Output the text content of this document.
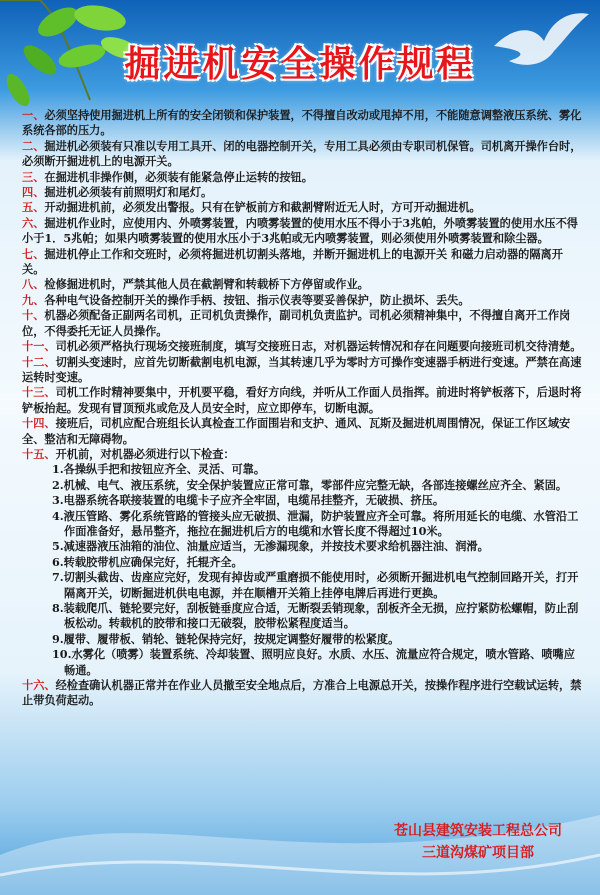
掘进机安全操作规程
一、必须坚持使用掘进机上所有的安全闭锁和保护装置，不得擅自改动或甩掉不用，不能随意调整液压系统、雾化系统各部的压力。
二、掘进机必须装有只准以专用工具开、闭的电器控制开关，专用工具必须由专职司机保管。司机离开操作台时，必须断开掘进机上的电源开关。
三、在掘进机非操作侧，必须装有能紧急停止运转的按钮。
四、掘进机必须装有前照明灯和尾灯。
五、开动掘进机前，必须发出警报。只有在铲板前方和截割臂附近无人时，方可开动掘进机。
六、掘进机作业时，应使用内、外喷雾装置，内喷雾装置的使用水压不得小于3兆帕，外喷雾装置的使用水压不得小于1．5兆帕；如果内喷雾装置的使用水压小于3兆帕或无内喷雾装置，则必须使用外喷雾装置和除尘器。
七、掘进机停止工作和交班时，必须将掘进机切割头落地，并断开掘进机上的电源开关 和磁力启动器的隔离开关。
八、检修掘进机时，严禁其他人员在截割臂和转载桥下方停留或作业。
九、各种电气设备控制开关的操作手柄、按钮、指示仪表等要妥善保护，防止损坏、丢失。
十、机器必须配备正副两名司机，正司机负责操作，副司机负责监护。司机必须精神集中，不得擅自离开工作岗位，不得委托无证人员操作。
十一、司机必须严格执行现场交接班制度，填写交接班日志，对机器运转情况和存在问题要向接班司机交待清楚。
十二、切割头变速时，应首先切断截割电机电源，当其转速几乎为零时方可操作变速器手柄进行变速。严禁在高速运转时变速。
十三、司机工作时精神要集中，开机要平稳，看好方向线，并听从工作面人员指挥。前进时将铲板落下，后退时将铲板抬起。发现有冒顶预兆或危及人员安全时，应立即停车，切断电源。
十四、接班后，司机应配合班组长认真检查工作面围岩和支护、通风、瓦斯及掘进机周围情况，保证工作区域安全、整洁和无障碍物。
十五、开机前，对机器必须进行以下检查：
1.各操纵手把和按钮应齐全、灵活、可靠。
2.机械、电气、液压系统，安全保护装置应正常可靠，零部件应完整无缺，各部连接螺丝应齐全、紧固。
3.电器系统各联接装置的电缆卡子应齐全牢固，电缆吊挂整齐，无破损、挤压。
4.液压管路、雾化系统管路的管接头应无破损、泄漏，防护装置应齐全可靠。将所用延长的电缆、水管沿工作面准备好，悬吊整齐，拖拉在掘进机后方的电缆和水管长度不得超过10米。
5.减速器液压油箱的油位、油量应适当，无渗漏现象，并按技术要求给机器注油、润滑。
6.转载胶带机应确保完好，托辊齐全。
7.切割头截齿、齿座应完好，发现有掉齿或严重磨损不能使用时，必须断开掘进机电气控制回路开关，打开隔离开关，切断掘进机供电电源，并在顺槽开关箱上挂停电牌后再进行更换。
8.装载爬爪、链轮要完好，刮板链垂度应合适，无断裂丢销现象，刮板齐全无损，应拧紧防松螺帽，防止刮板松动。转载机的胶带和接口无破裂，胶带松紧程度适当。
9.履带、履带板、销轮、链轮保持完好，按规定调整好履带的松紧度。
10.水雾化（喷雾）装置系统、冷却装置、照明应良好。水质、水压、流量应符合规定，喷水管路、喷嘴应畅通。
十六、经检查确认机器正常并在作业人员撤至安全地点后，方准合上电源总开关，按操作程序进行空载试运转，禁止带负荷起动。
苍山县建筑安装工程总公司
三道沟煤矿项目部
